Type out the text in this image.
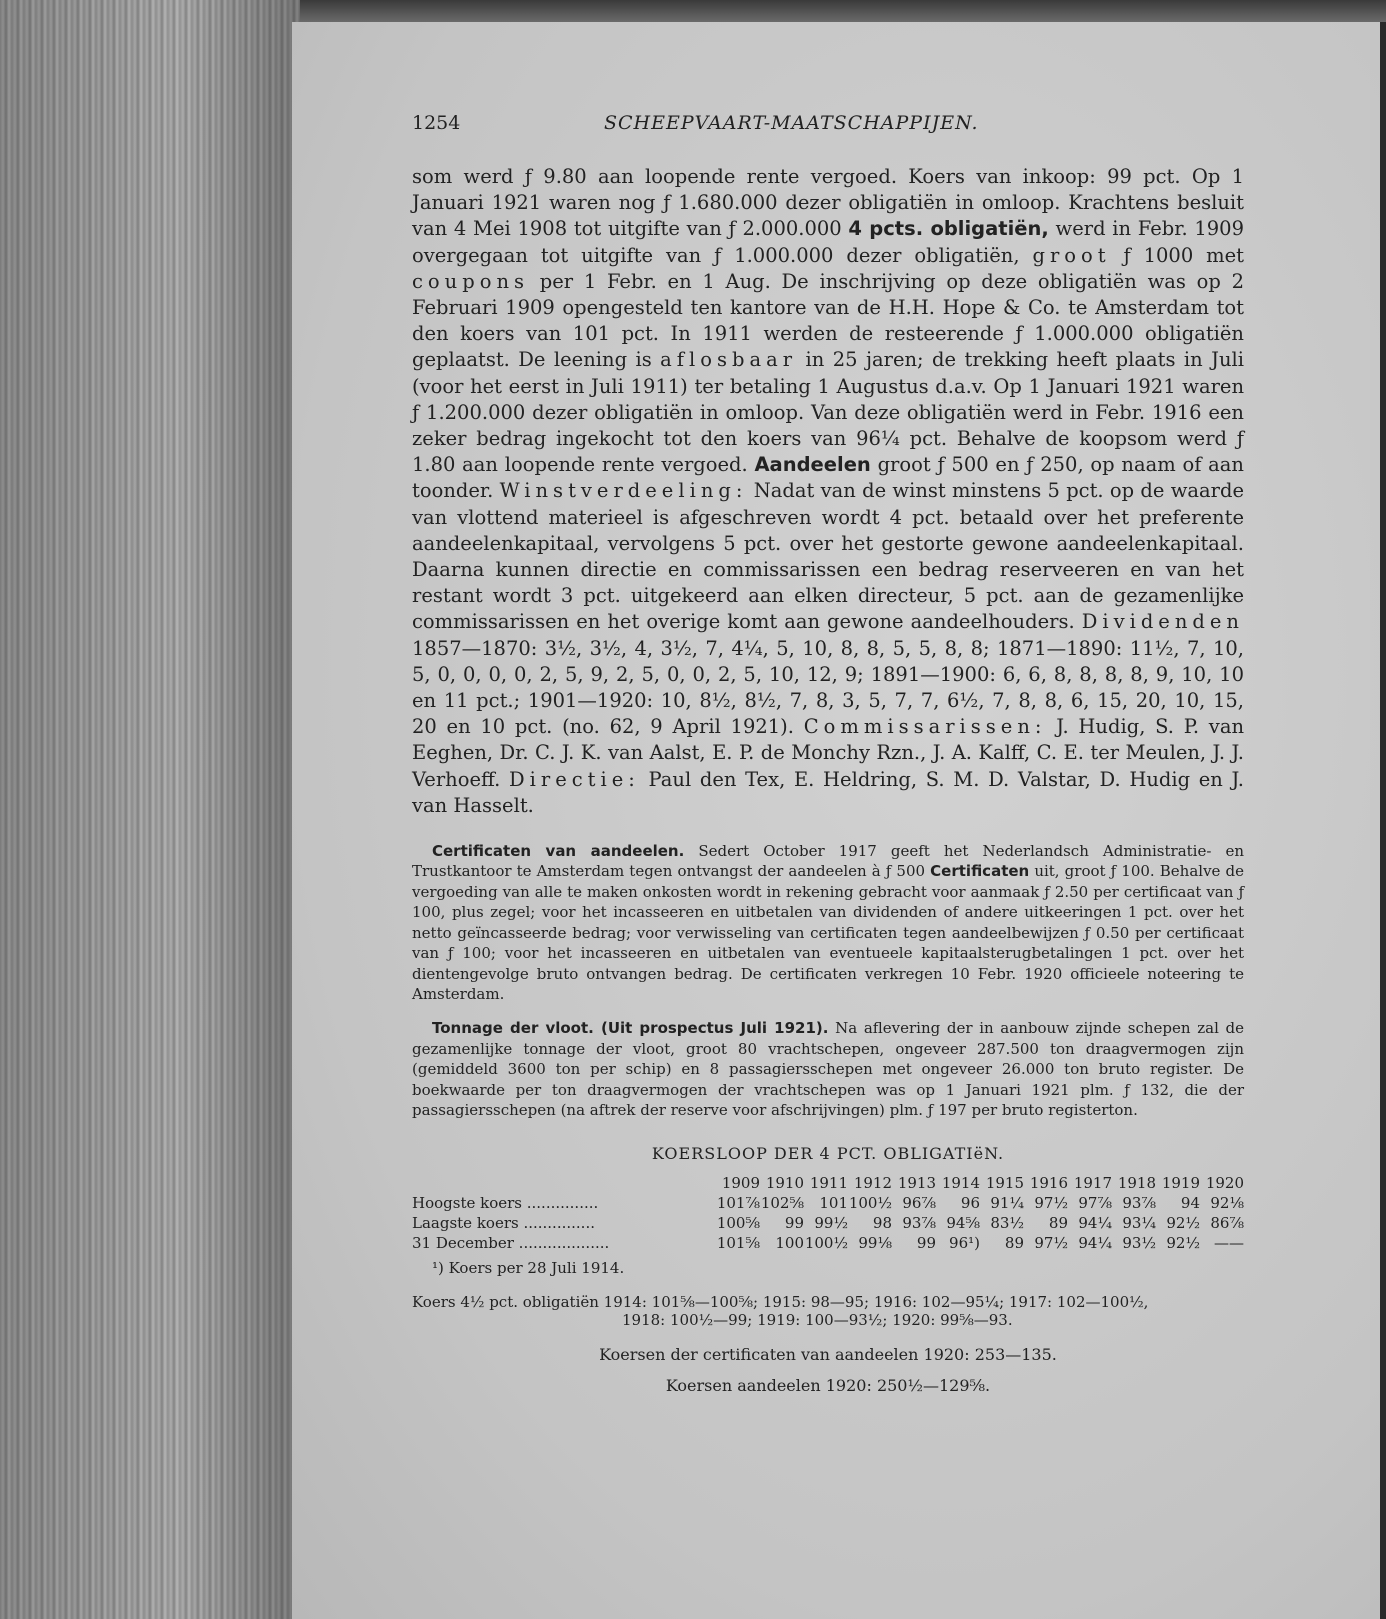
1254	SCHEEPVAART-MAATSCHAPPIJEN.

som werd ƒ 9.80 aan loopende rente vergoed. Koers van inkoop: 99 pct. Op 1 Januari 1921 waren nog ƒ 1.680.000 dezer obligatiën in omloop. Krachtens besluit van 4 Mei 1908 tot uitgifte van ƒ 2.000.000 4 pcts. obligatiën, werd in Febr. 1909 overgegaan tot uitgifte van ƒ 1.000.000 dezer obligatiën, groot ƒ 1000 met coupons per 1 Febr. en 1 Aug. De inschrijving op deze obligatiën was op 2 Februari 1909 opengesteld ten kantore van de H.H. Hope & Co. te Amsterdam tot den koers van 101 pct. In 1911 werden de resteerende ƒ 1.000.000 obligatiën geplaatst. De leening is aflosbaar in 25 jaren; de trekking heeft plaats in Juli (voor het eerst in Juli 1911) ter betaling 1 Augustus d.a.v. Op 1 Januari 1921 waren ƒ 1.200.000 dezer obligatiën in omloop. Van deze obligatiën werd in Febr. 1916 een zeker bedrag ingekocht tot den koers van 96¼ pct. Behalve de koopsom werd ƒ 1.80 aan loopende rente vergoed. Aandeelen groot ƒ 500 en ƒ 250, op naam of aan toonder. Winstverdeeling: Nadat van de winst minstens 5 pct. op de waarde van vlottend materieel is afgeschreven wordt 4 pct. betaald over het preferente aandeelenkapitaal, vervolgens 5 pct. over het gestorte gewone aandeelenkapitaal. Daarna kunnen directie en commissarissen een bedrag reserveeren en van het restant wordt 3 pct. uitgekeerd aan elken directeur, 5 pct. aan de gezamenlijke commissarissen en het overige komt aan gewone aandeelhouders. Dividenden 1857—1870: 3½, 3½, 4, 3½, 7, 4¼, 5, 10, 8, 8, 5, 5, 8, 8; 1871—1890: 11½, 7, 10, 5, 0, 0, 0, 0, 2, 5, 9, 2, 5, 0, 0, 2, 5, 10, 12, 9; 1891—1900: 6, 6, 8, 8, 8, 8, 9, 10, 10 en 11 pct.; 1901—1920: 10, 8½, 8½, 7, 8, 3, 5, 7, 7, 6½, 7, 8, 8, 6, 15, 20, 10, 15, 20 en 10 pct. (no. 62, 9 April 1921). Commissarissen: J. Hudig, S. P. van Eeghen, Dr. C. J. K. van Aalst, E. P. de Monchy Rzn., J. A. Kalff, C. E. ter Meulen, J. J. Verhoeff. Directie: Paul den Tex, E. Heldring, S. M. D. Valstar, D. Hudig en J. van Hasselt.

Certificaten van aandeelen. Sedert October 1917 geeft het Nederlandsch Administratie- en Trustkantoor te Amsterdam tegen ontvangst der aandeelen à ƒ 500 Certificaten uit, groot ƒ 100. Behalve de vergoeding van alle te maken onkosten wordt in rekening gebracht voor aanmaak ƒ 2.50 per certificaat van ƒ 100, plus zegel; voor het incasseeren en uitbetalen van dividenden of andere uitkeeringen 1 pct. over het netto geïncasseerde bedrag; voor verwisseling van certificaten tegen aandeelbewijzen ƒ 0.50 per certificaat van ƒ 100; voor het incasseeren en uitbetalen van eventueele kapitaalsterugbetalingen 1 pct. over het dientengevolge bruto ontvangen bedrag. De certificaten verkregen 10 Febr. 1920 officieele noteering te Amsterdam.

Tonnage der vloot. (Uit prospectus Juli 1921). Na aflevering der in aanbouw zijnde schepen zal de gezamenlijke tonnage der vloot, groot 80 vrachtschepen, ongeveer 287.500 ton draagvermogen zijn (gemiddeld 3600 ton per schip) en 8 passagiersschepen met ongeveer 26.000 ton bruto register. De boekwaarde per ton draagvermogen der vrachtschepen was op 1 Januari 1921 plm. ƒ 132, die der passagiersschepen (na aftrek der reserve voor afschrijvingen) plm. ƒ 197 per bruto registerton.

KOERSLOOP DER 4 PCT. OBLIGATIëN.
	1909	1910	1911	1912	1913	1914	1915	1916	1917	1918	1919	1920
Hoogste koers ...............	101⅞	102⅝	101	100½	96⅞	96	91¼	97½	97⅞	93⅞	94	92⅛
Laagste koers ...............	100⅝	99	99½	98	93⅞	94⅝	83½	89	94¼	93¼	92½	86⅞
31 December ...................	101⅝	100	100½	99⅛	99	96¹)	89	97½	94¼	93½	92½	——
¹) Koers per 28 Juli 1914.
Koers 4½ pct. obligatiën 1914: 101⅝—100⅝; 1915: 98—95; 1916: 102—95¼; 1917: 102—100½,
1918: 100½—99; 1919: 100—93½; 1920: 99⅝—93.
Koersen der certificaten van aandeelen 1920: 253—135.
Koersen aandeelen 1920: 250½—129⅝.
